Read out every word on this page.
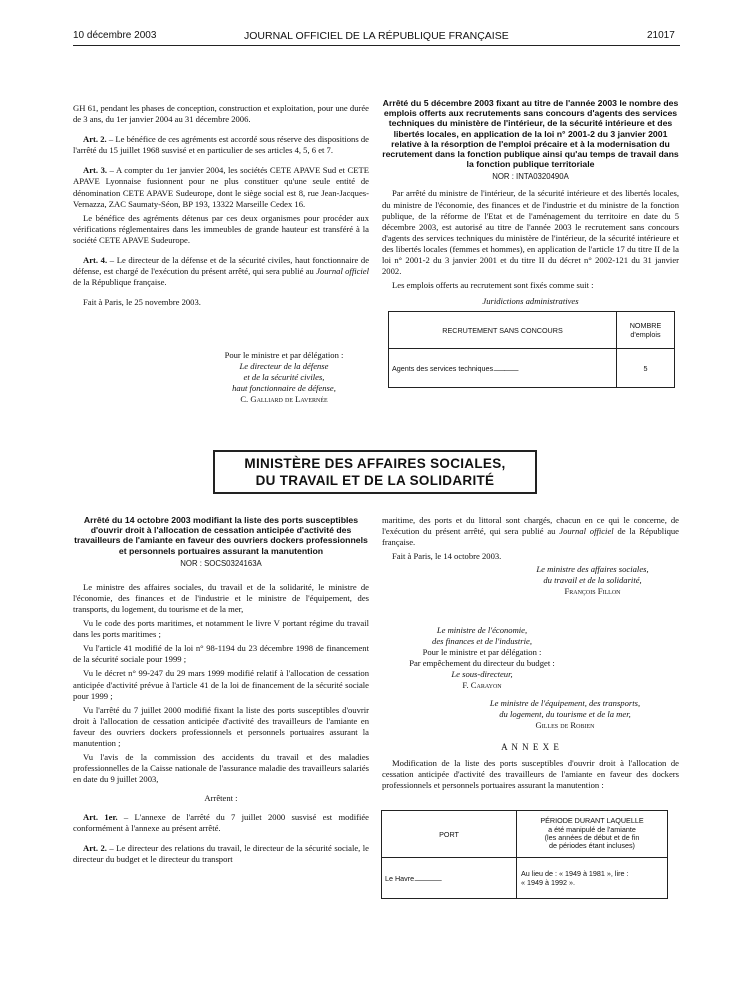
10 décembre 2003	JOURNAL OFFICIEL DE LA RÉPUBLIQUE FRANÇAISE	21017

GH 61, pendant les phases de conception, construction et exploitation, pour une durée de 3 ans, du 1er janvier 2004 au 31 décembre 2006.

Art. 2. – Le bénéfice de ces agréments est accordé sous réserve des dispositions de l'arrêté du 15 juillet 1968 susvisé et en particulier de ses articles 4, 5, 6 et 7.

Art. 3. – A compter du 1er janvier 2004, les sociétés CETE APAVE Sud et CETE APAVE Lyonnaise fusionnent pour ne plus constituer qu'une seule entité de dénomination CETE APAVE Sudeurope, dont le siège social est 8, rue Jean-Jacques-Vernazza, ZAC Saumaty-Séon, BP 193, 13322 Marseille Cedex 16.

Le bénéfice des agréments détenus par ces deux organismes pour procéder aux vérifications réglementaires dans les immeubles de grande hauteur est transféré à la société CETE APAVE Sudeurope.

Art. 4. – Le directeur de la défense et de la sécurité civiles, haut fonctionnaire de défense, est chargé de l'exécution du présent arrêté, qui sera publié au Journal officiel de la République française.

Fait à Paris, le 25 novembre 2003.

Pour le ministre et par délégation :
Le directeur de la défense
et de la sécurité civiles,
haut fonctionnaire de défense,
C. Galliard de Lavernée
Arrêté du 5 décembre 2003 fixant au titre de l'année 2003 le nombre des emplois offerts aux recrutements sans concours d'agents des services techniques du ministère de l'intérieur, de la sécurité intérieure et des libertés locales, en application de la loi n° 2001-2 du 3 janvier 2001 relative à la résorption de l'emploi précaire et à la modernisation du recrutement dans la fonction publique ainsi qu'au temps de travail dans la fonction publique territoriale
NOR : INTA0320490A

Par arrêté du ministre de l'intérieur, de la sécurité intérieure et des libertés locales, du ministre de l'économie, des finances et de l'industrie et du ministre de la fonction publique, de la réforme de l'Etat et de l'aménagement du territoire en date du 5 décembre 2003, est autorisé au titre de l'année 2003 le recrutement sans concours d'agents des services techniques du ministère de l'intérieur, de la sécurité intérieure et des libertés locales (femmes et hommes), en application de l'article 17 du titre II de la loi n° 2001-2 du 3 janvier 2001 et du titre II du décret n° 2002-121 du 31 janvier 2002.

Les emplois offerts au recrutement sont fixés comme suit :

Juridictions administratives
RECRUTEMENT SANS CONCOURS	NOMBRE
d'emplois

Agents des services techniques.........................	5
MINISTÈRE DES AFFAIRES SOCIALES,
DU TRAVAIL ET DE LA SOLIDARITÉ
Arrêté du 14 octobre 2003 modifiant la liste des ports susceptibles d'ouvrir droit à l'allocation de cessation anticipée d'activité des travailleurs de l'amiante en faveur des ouvriers dockers professionnels et personnels portuaires assurant la manutention
NOR : SOCS0324163A

Le ministre des affaires sociales, du travail et de la solidarité, le ministre de l'économie, des finances et de l'industrie et le ministre de l'équipement, des transports, du logement, du tourisme et de la mer,

Vu le code des ports maritimes, et notamment le livre V portant régime du travail dans les ports maritimes ;

Vu l'article 41 modifié de la loi n° 98-1194 du 23 décembre 1998 de financement de la sécurité sociale pour 1999 ;

Vu le décret n° 99-247 du 29 mars 1999 modifié relatif à l'allocation de cessation anticipée d'activité prévue à l'article 41 de la loi de financement de la sécurité sociale pour 1999 ;

Vu l'arrêté du 7 juillet 2000 modifié fixant la liste des ports susceptibles d'ouvrir droit à l'allocation de cessation anticipée d'activité des travailleurs de l'amiante en faveur des ouvriers dockers professionnels et personnels portuaires assurant la manutention ;

Vu l'avis de la commission des accidents du travail et des maladies professionnelles de la Caisse nationale de l'assurance maladie des travailleurs salariés en date du 9 juillet 2003,

Arrêtent :

Art. 1er. – L'annexe de l'arrêté du 7 juillet 2000 susvisé est modifiée conformément à l'annexe au présent arrêté.

Art. 2. – Le directeur des relations du travail, le directeur de la sécurité sociale, le directeur du budget et le directeur du transport

maritime, des ports et du littoral sont chargés, chacun en ce qui le concerne, de l'exécution du présent arrêté, qui sera publié au Journal officiel de la République française.

Fait à Paris, le 14 octobre 2003.

Le ministre des affaires sociales,
du travail et de la solidarité,
François Fillon
Le ministre de l'économie,
des finances et de l'industrie,
Pour le ministre et par délégation :
Par empêchement du directeur du budget :
Le sous-directeur,
F. Carayon
Le ministre de l'équipement, des transports,
du logement, du tourisme et de la mer,
Gilles de Robien
A N N E X E

Modification de la liste des ports susceptibles d'ouvrir droit à l'allocation de cessation anticipée d'activité des travailleurs de l'amiante en faveur des dockers professionnels et personnels portuaires assurant la manutention :

PORT	PÉRIODE DURANT LAQUELLE
a été manipulé de l'amiante
(les années de début et de fin
de périodes étant incluses)

Le Havre...........................	Au lieu de : « 1949 à 1981 », lire :
« 1949 à 1992 ».
